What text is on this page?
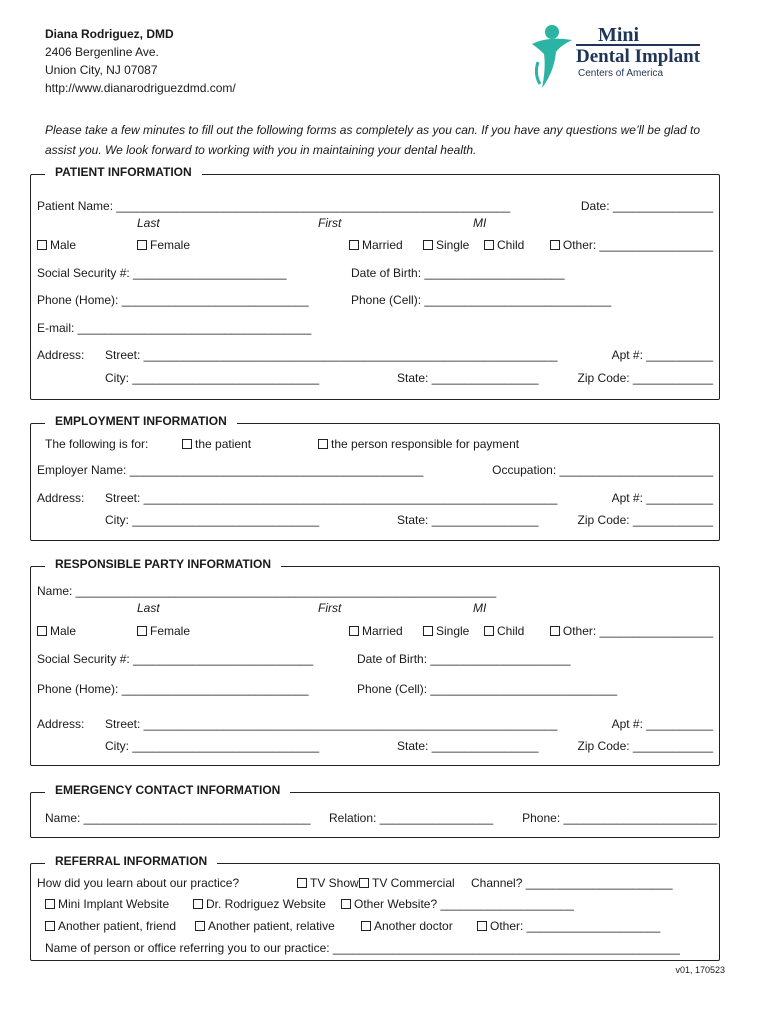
Diana Rodriguez, DMD
2406 Bergenline Ave.
Union City, NJ 07087
http://www.dianarodriguezdmd.com/
Mini
Dental Implant
Centers of America
Please take a few minutes to fill out the following forms as completely as you can. If you have any questions we’ll be glad to assist you. We look forward to working with you in maintaining your dental health.
PATIENT INFORMATION
Patient Name: ___________________________________________________________	Date: _______________
Last	First	MI
Male	Female	Married	Single	Child	Other: _________________
Social Security #: _______________________	Date of Birth: _____________________
Phone (Home): ____________________________	Phone (Cell): ____________________________
E-mail: ___________________________________
Address: Street: ______________________________________________________________	Apt #: __________
City: ____________________________	State: ________________	Zip Code: ____________
EMPLOYMENT INFORMATION
The following is for:	the patient	the person responsible for payment
Employer Name: ____________________________________________	Occupation: _______________________
Address: Street: ______________________________________________________________	Apt #: __________
City: ____________________________	State: ________________	Zip Code: ____________
RESPONSIBLE PARTY INFORMATION
Name: _______________________________________________________________
Last	First	MI
Male	Female	Married	Single	Child	Other: _________________
Social Security #: ___________________________	Date of Birth: _____________________
Phone (Home): ____________________________	Phone (Cell): ____________________________
Address: Street: ______________________________________________________________	Apt #: __________
City: ____________________________	State: ________________	Zip Code: ____________
EMERGENCY CONTACT INFORMATION
Name: __________________________________ Relation: _________________ Phone: _______________________
REFERRAL INFORMATION
How did you learn about our practice?	TV Show	TV Commercial Channel? ______________________
Mini Implant Website	Dr. Rodriguez Website	Other Website? ____________________
Another patient, friend	Another patient, relative	Another doctor	Other: ____________________
Name of person or office referring you to our practice: ____________________________________________________
v01, 170523
